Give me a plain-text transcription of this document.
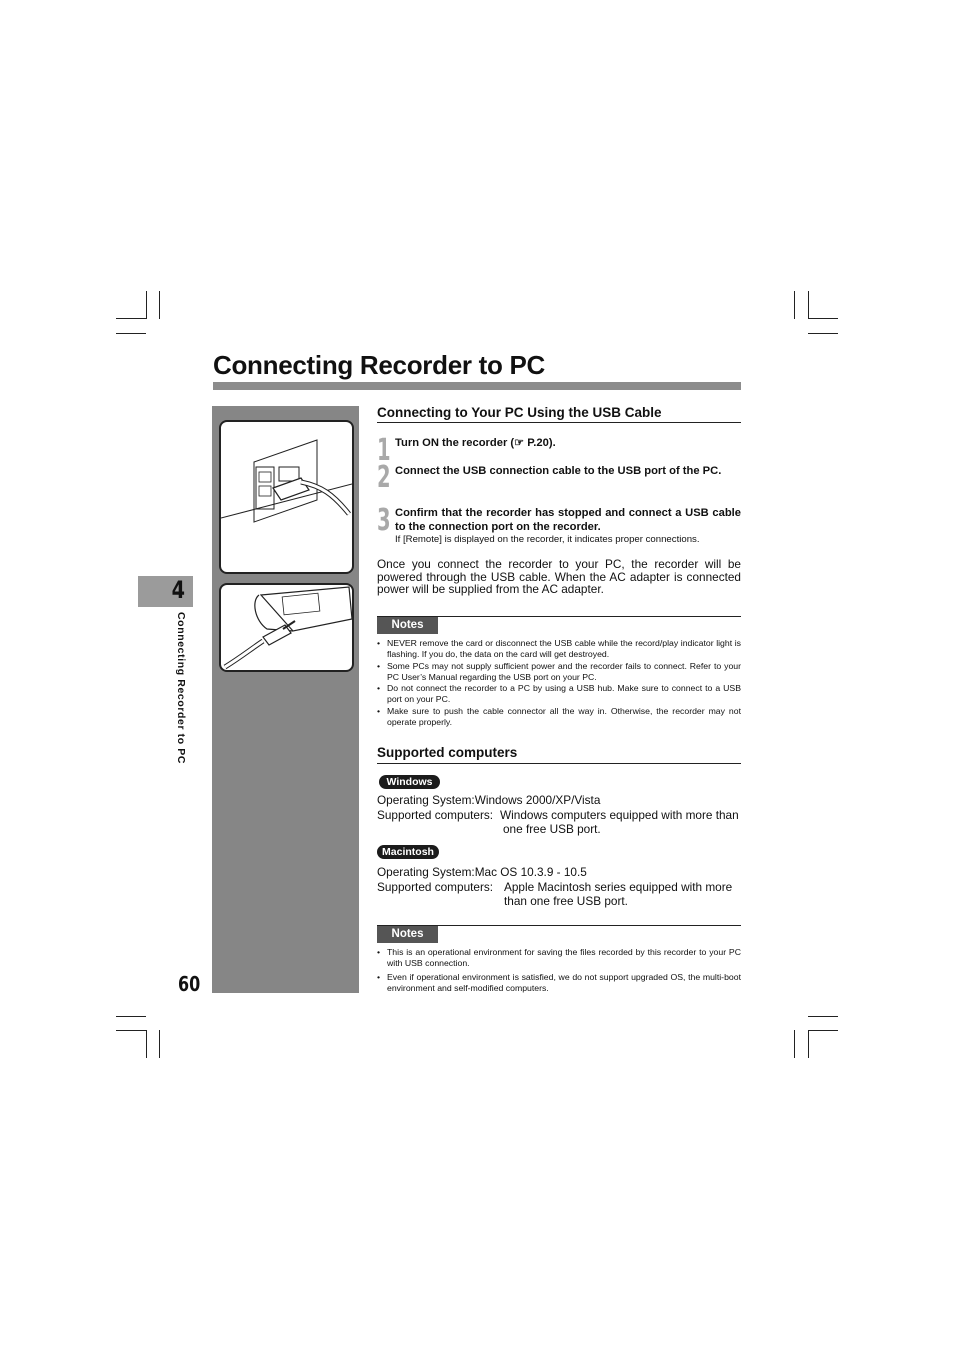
Connecting Recorder to PC
4
Connecting Recorder to PC
60
Connecting to Your PC Using the USB Cable
1 Turn ON the recorder (☞ P.20).
2 Connect the USB connection cable to the USB port of the PC.
3 Confirm that the recorder has stopped and connect a USB cable to the connection port on the recorder.
If [Remote] is displayed on the recorder, it indicates proper connections.
Once you connect the recorder to your PC, the recorder will be powered through the USB cable. When the AC adapter is connected power will be supplied from the AC adapter.
Notes
• NEVER remove the card or disconnect the USB cable while the record/play indicator light is flashing. If you do, the data on the card will get destroyed.
• Some PCs may not supply sufficient power and the recorder fails to connect. Refer to your PC User’s Manual regarding the USB port on your PC.
• Do not connect the recorder to a PC by using a USB hub. Make sure to connect to a USB port on your PC.
• Make sure to push the cable connector all the way in. Otherwise, the recorder may not operate properly.
Supported computers
Windows
Operating System:Windows 2000/XP/Vista
Supported computers: Windows computers equipped with more than
one free USB port.
Macintosh
Operating System:Mac OS 10.3.9 - 10.5
Supported computers: Apple Macintosh series equipped with more
than one free USB port.
Notes
• This is an operational environment for saving the files recorded by this recorder to your PC with USB connection.
• Even if operational environment is satisfied, we do not support upgraded OS, the multi-boot environment and self-modified computers.
